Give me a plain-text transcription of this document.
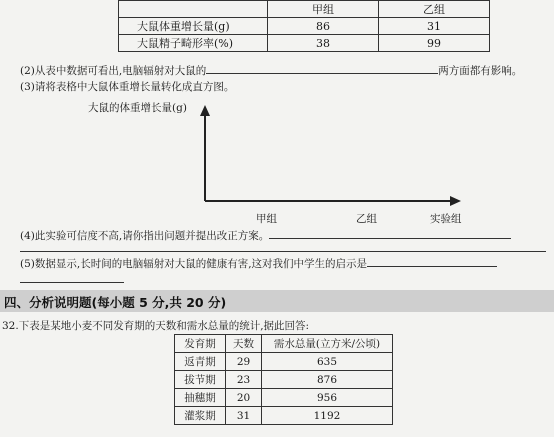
	甲组	乙组
大鼠体重增长量(g)	86	31
大鼠精子畸形率(%)	38	99
(2)从表中数据可看出,电脑辐射对大鼠的	两方面都有影响。
(3)请将表格中大鼠体重增长量转化成直方图。
大鼠的体重增长量(g)
甲组	乙组	实验组
(4)此实验可信度不高,请你指出问题并提出改正方案。
(5)数据显示,长时间的电脑辐射对大鼠的健康有害,这对我们中学生的启示是
四、分析说明题(每小题 5 分,共 20 分)
32.下表是某地小麦不同发育期的天数和需水总量的统计,据此回答:
发育期	天数	需水总量(立方米/公顷)
返青期	29	635
拔节期	23	876
抽穗期	20	956
灌浆期	31	1192
